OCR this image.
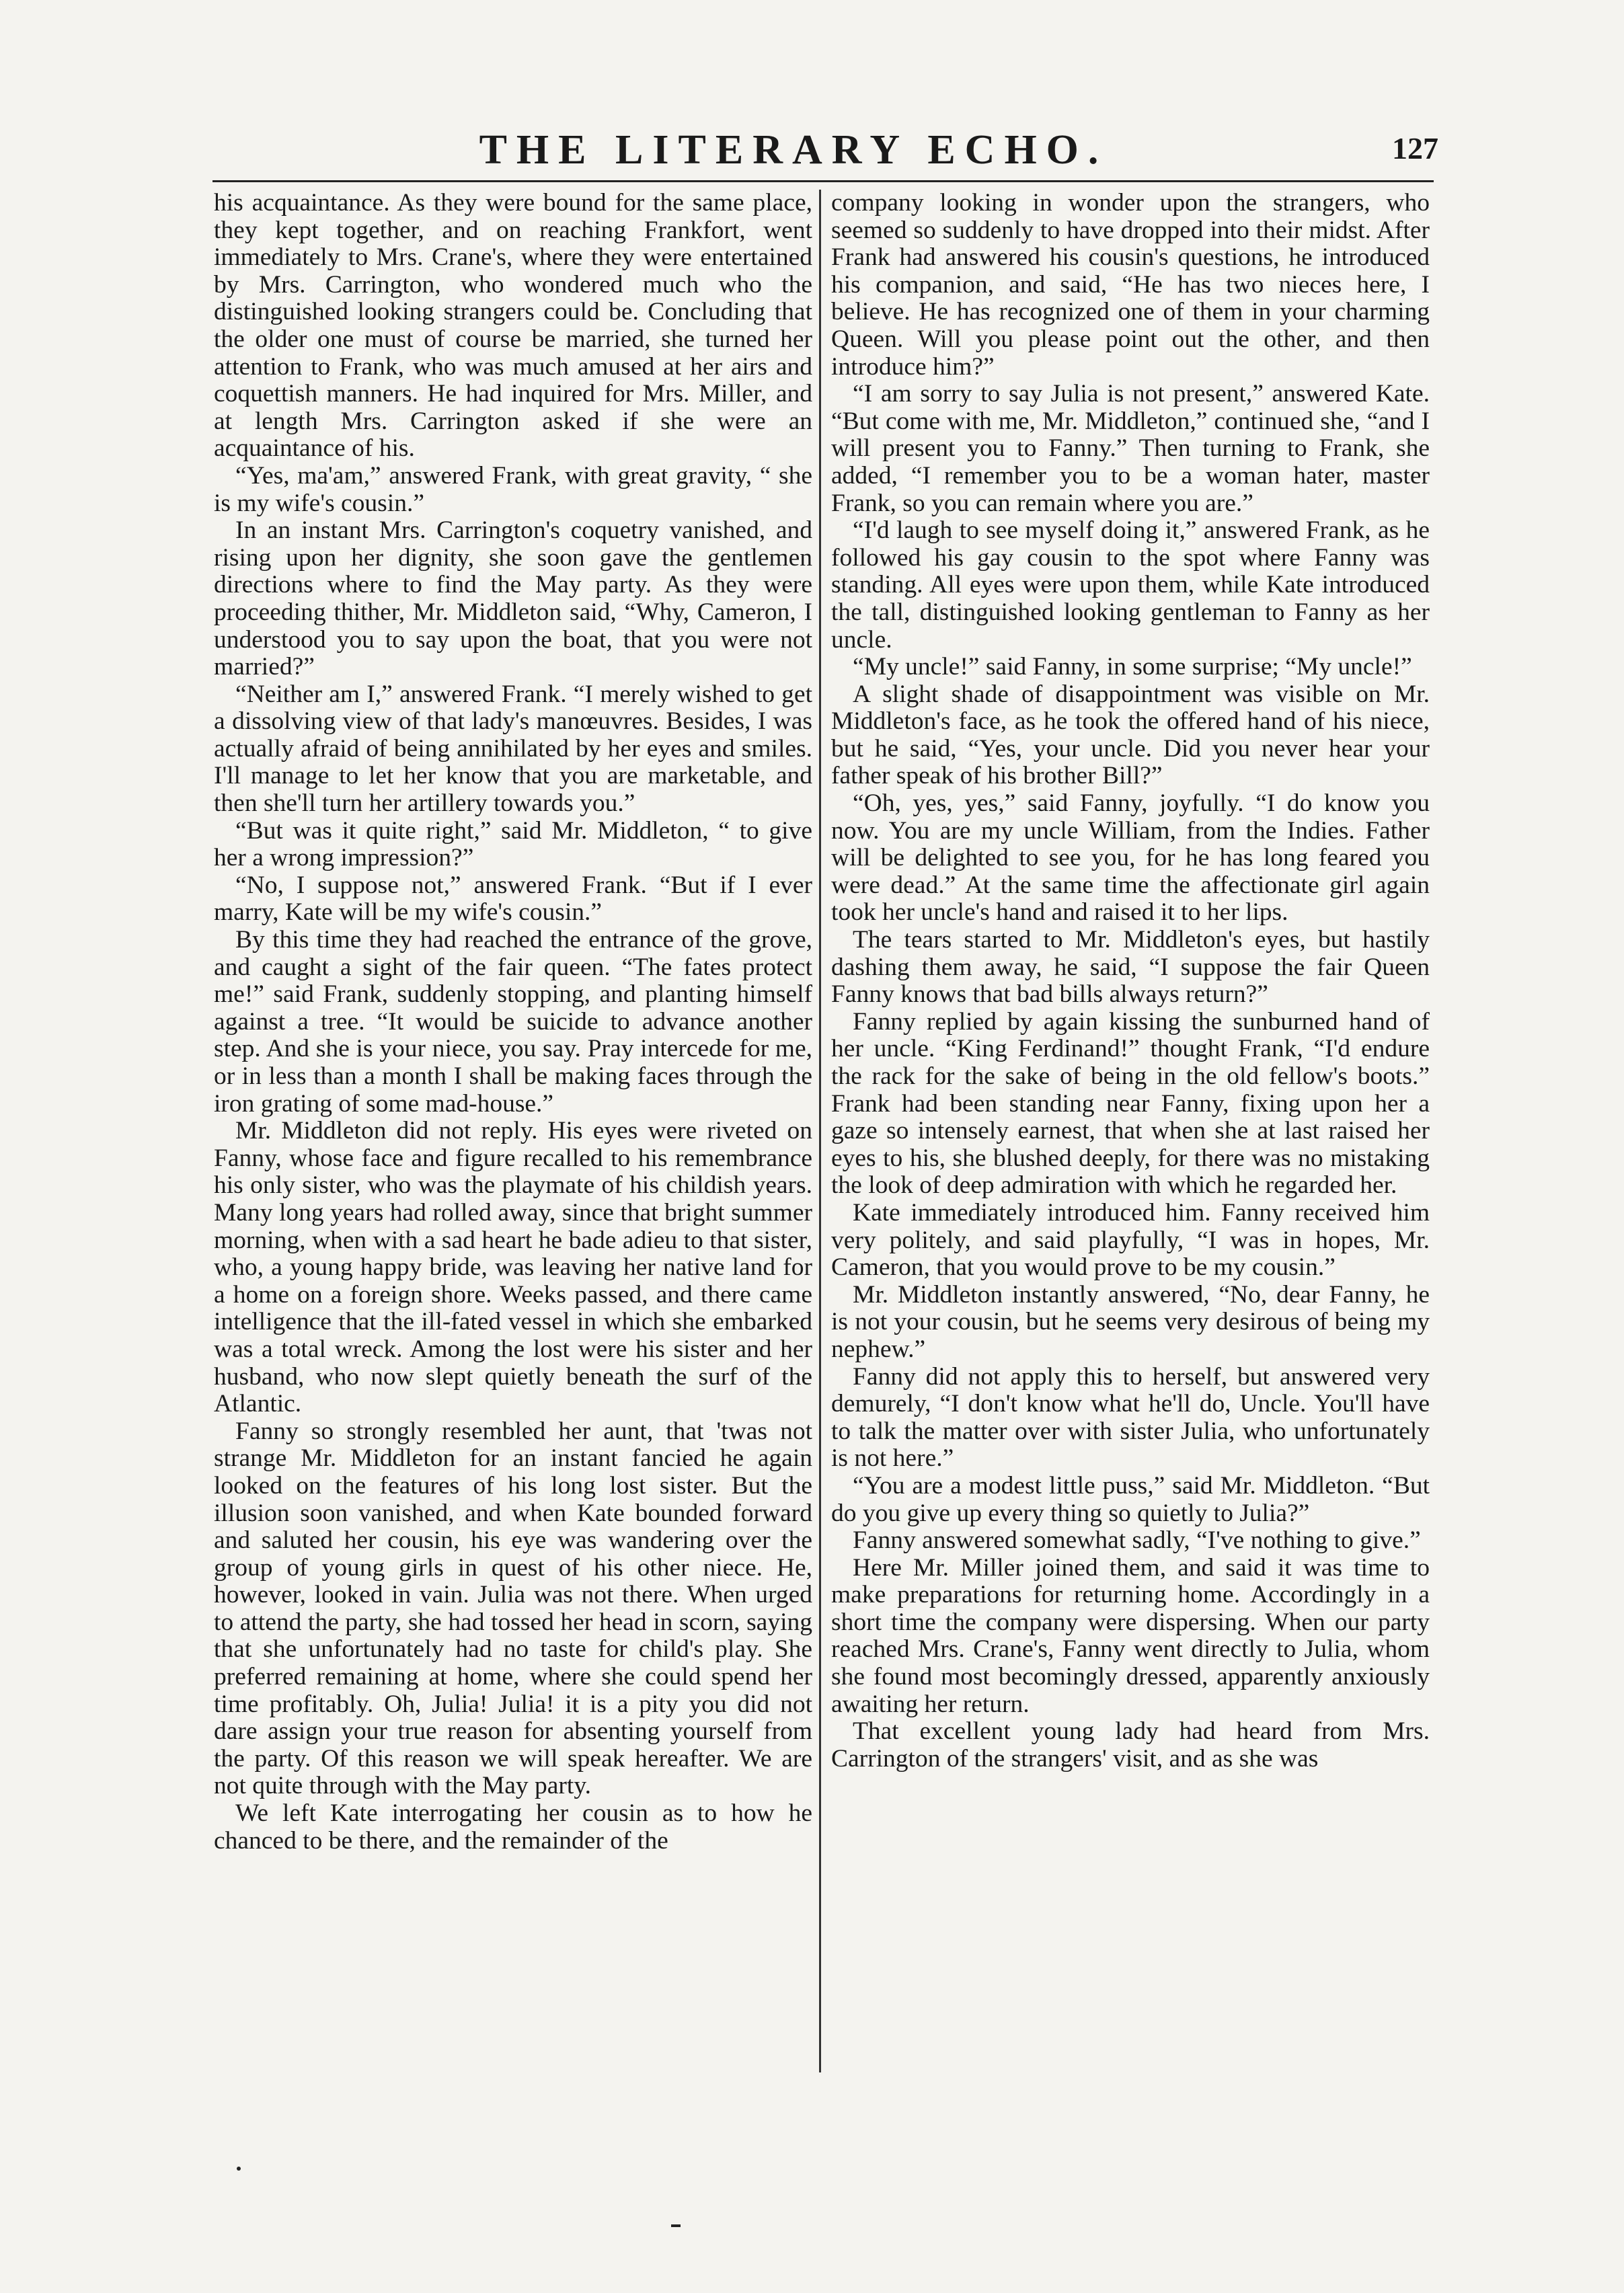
THE LITERARY ECHO.	127

his acquaintance. As they were bound for the same place, they kept together, and on reaching Frankfort, went immediately to Mrs. Crane's, where they were entertained by Mrs. Carrington, who wondered much who the distinguished looking strangers could be. Concluding that the older one must of course be married, she turned her attention to Frank, who was much amused at her airs and coquettish manners. He had inquired for Mrs. Miller, and at length Mrs. Carrington asked if she were an acquaintance of his.

“Yes, ma'am,” answered Frank, with great gravity, “ she is my wife's cousin.”

In an instant Mrs. Carrington's coquetry vanished, and rising upon her dignity, she soon gave the gentlemen directions where to find the May party. As they were proceeding thither, Mr. Middleton said, “Why, Cameron, I understood you to say upon the boat, that you were not married?”

“Neither am I,” answered Frank. “I merely wished to get a dissolving view of that lady's manœuvres. Besides, I was actually afraid of being annihilated by her eyes and smiles. I'll manage to let her know that you are marketable, and then she'll turn her artillery towards you.”

“But was it quite right,” said Mr. Middleton, “ to give her a wrong impression?”

“No, I suppose not,” answered Frank. “But if I ever marry, Kate will be my wife's cousin.”

By this time they had reached the entrance of the grove, and caught a sight of the fair queen. “The fates protect me!” said Frank, suddenly stopping, and planting himself against a tree. “It would be suicide to advance another step. And she is your niece, you say. Pray intercede for me, or in less than a month I shall be making faces through the iron grating of some mad-house.”

Mr. Middleton did not reply. His eyes were riveted on Fanny, whose face and figure recalled to his remembrance his only sister, who was the playmate of his childish years. Many long years had rolled away, since that bright summer morning, when with a sad heart he bade adieu to that sister, who, a young happy bride, was leaving her native land for a home on a foreign shore. Weeks passed, and there came intelligence that the ill-fated vessel in which she embarked was a total wreck. Among the lost were his sister and her husband, who now slept quietly beneath the surf of the Atlantic.

Fanny so strongly resembled her aunt, that 'twas not strange Mr. Middleton for an instant fancied he again looked on the features of his long lost sister. But the illusion soon vanished, and when Kate bounded forward and saluted her cousin, his eye was wandering over the group of young girls in quest of his other niece. He, however, looked in vain. Julia was not there. When urged to attend the party, she had tossed her head in scorn, saying that she unfortunately had no taste for child's play. She preferred remaining at home, where she could spend her time profitably. Oh, Julia! Julia! it is a pity you did not dare assign your true reason for absenting yourself from the party. Of this reason we will speak hereafter. We are not quite through with the May party.

We left Kate interrogating her cousin as to how he chanced to be there, and the remainder of the

company looking in wonder upon the strangers, who seemed so suddenly to have dropped into their midst. After Frank had answered his cousin's questions, he introduced his companion, and said, “He has two nieces here, I believe. He has recognized one of them in your charming Queen. Will you please point out the other, and then introduce him?”

“I am sorry to say Julia is not present,” answered Kate. “But come with me, Mr. Middleton,” continued she, “and I will present you to Fanny.” Then turning to Frank, she added, “I remember you to be a woman hater, master Frank, so you can remain where you are.”

“I'd laugh to see myself doing it,” answered Frank, as he followed his gay cousin to the spot where Fanny was standing. All eyes were upon them, while Kate introduced the tall, distinguished looking gentleman to Fanny as her uncle.

“My uncle!” said Fanny, in some surprise; “My uncle!”

A slight shade of disappointment was visible on Mr. Middleton's face, as he took the offered hand of his niece, but he said, “Yes, your uncle. Did you never hear your father speak of his brother Bill?”

“Oh, yes, yes,” said Fanny, joyfully. “I do know you now. You are my uncle William, from the Indies. Father will be delighted to see you, for he has long feared you were dead.” At the same time the affectionate girl again took her uncle's hand and raised it to her lips.

The tears started to Mr. Middleton's eyes, but hastily dashing them away, he said, “I suppose the fair Queen Fanny knows that bad bills always return?”

Fanny replied by again kissing the sunburned hand of her uncle. “King Ferdinand!” thought Frank, “I'd endure the rack for the sake of being in the old fellow's boots.” Frank had been standing near Fanny, fixing upon her a gaze so intensely earnest, that when she at last raised her eyes to his, she blushed deeply, for there was no mistaking the look of deep admiration with which he regarded her.

Kate immediately introduced him. Fanny received him very politely, and said playfully, “I was in hopes, Mr. Cameron, that you would prove to be my cousin.”

Mr. Middleton instantly answered, “No, dear Fanny, he is not your cousin, but he seems very desirous of being my nephew.”

Fanny did not apply this to herself, but answered very demurely, “I don't know what he'll do, Uncle. You'll have to talk the matter over with sister Julia, who unfortunately is not here.”

“You are a modest little puss,” said Mr. Middleton. “But do you give up every thing so quietly to Julia?”

Fanny answered somewhat sadly, “I've nothing to give.”

Here Mr. Miller joined them, and said it was time to make preparations for returning home. Accordingly in a short time the company were dispersing. When our party reached Mrs. Crane's, Fanny went directly to Julia, whom she found most becomingly dressed, apparently anxiously awaiting her return.

That excellent young lady had heard from Mrs. Carrington of the strangers' visit, and as she was
